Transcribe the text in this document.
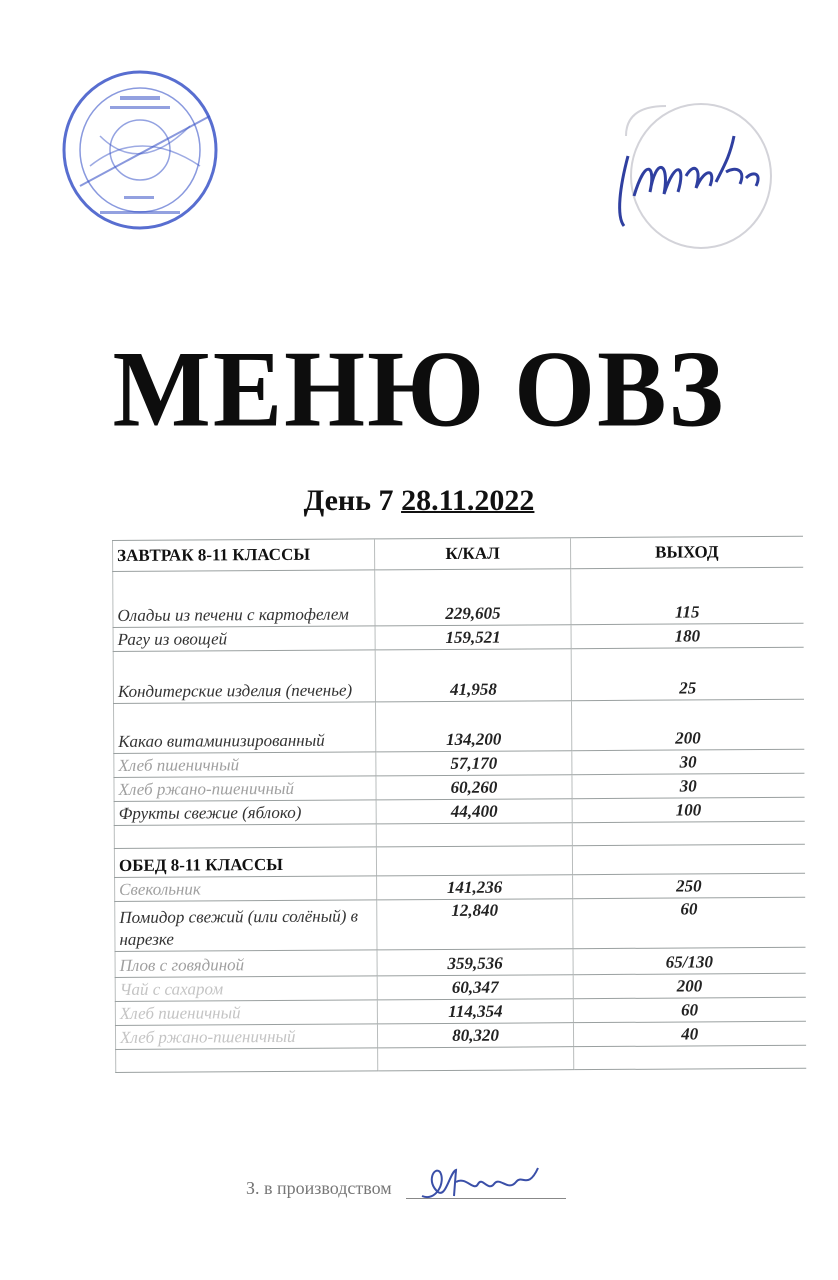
МЕНЮ ОВЗ
День 7 28.11.2022
ЗАВТРАК 8-11 КЛАССЫ	К/КАЛ	ВЫХОД
Оладьи из печени с картофелем	229,605	115
Рагу из овощей	159,521	180
Кондитерские изделия (печенье)	41,958	25
Какао витаминизированный	134,200	200
Хлеб пшеничный	57,170	30
Хлеб ржано-пшеничный	60,260	30
Фрукты свежие (яблоко)	44,400	100

ОБЕД 8-11 КЛАССЫ		
Свекольник	141,236	250
Помидор свежий (или солёный) в нарезке	12,840	60
Плов с говядиной	359,536	65/130
Чай с сахаром	60,347	200
Хлеб пшеничный	114,354	60
Хлеб ржано-пшеничный	80,320	40

З. в производством
